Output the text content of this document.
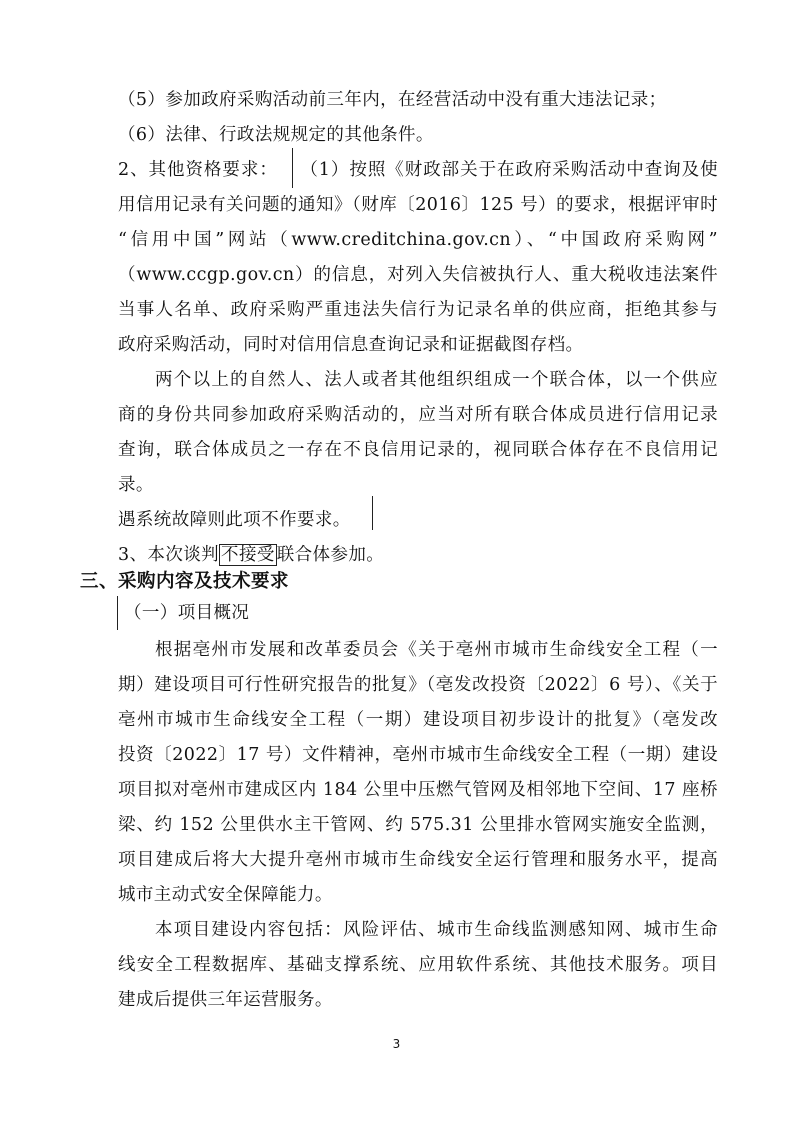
（5）参加政府采购活动前三年内，在经营活动中没有重大违法记录；
（6）法律、行政法规规定的其他条件。
2、其他资格要求： （1）按照《财政部关于在政府采购活动中查询及使
用信用记录有关问题的通知》（财库〔2016〕125 号）的要求，根据评审时
“信用中国”网站（www.creditchina.gov.cn）、“中国政府采购网”
（www.ccgp.gov.cn）的信息，对列入失信被执行人、重大税收违法案件
当事人名单、政府采购严重违法失信行为记录名单的供应商，拒绝其参与
政府采购活动，同时对信用信息查询记录和证据截图存档。
两个以上的自然人、法人或者其他组织组成一个联合体，以一个供应
商的身份共同参加政府采购活动的，应当对所有联合体成员进行信用记录
查询，联合体成员之一存在不良信用记录的，视同联合体存在不良信用记
录。
遇系统故障则此项不作要求。
3、本次谈判 不接受 联合体参加。
三、采购内容及技术要求
（一）项目概况
根据亳州市发展和改革委员会《关于亳州市城市生命线安全工程（一
期）建设项目可行性研究报告的批复》（亳发改投资〔2022〕6 号）、《关于
亳州市城市生命线安全工程（一期）建设项目初步设计的批复》（亳发改
投资〔2022〕17 号）文件精神，亳州市城市生命线安全工程（一期）建设
项目拟对亳州市建成区内 184 公里中压燃气管网及相邻地下空间、17 座桥
梁、约 152 公里供水主干管网、约 575.31 公里排水管网实施安全监测，
项目建成后将大大提升亳州市城市生命线安全运行管理和服务水平，提高
城市主动式安全保障能力。
本项目建设内容包括：风险评估、城市生命线监测感知网、城市生命
线安全工程数据库、基础支撑系统、应用软件系统、其他技术服务。项目
建成后提供三年运营服务。
3
